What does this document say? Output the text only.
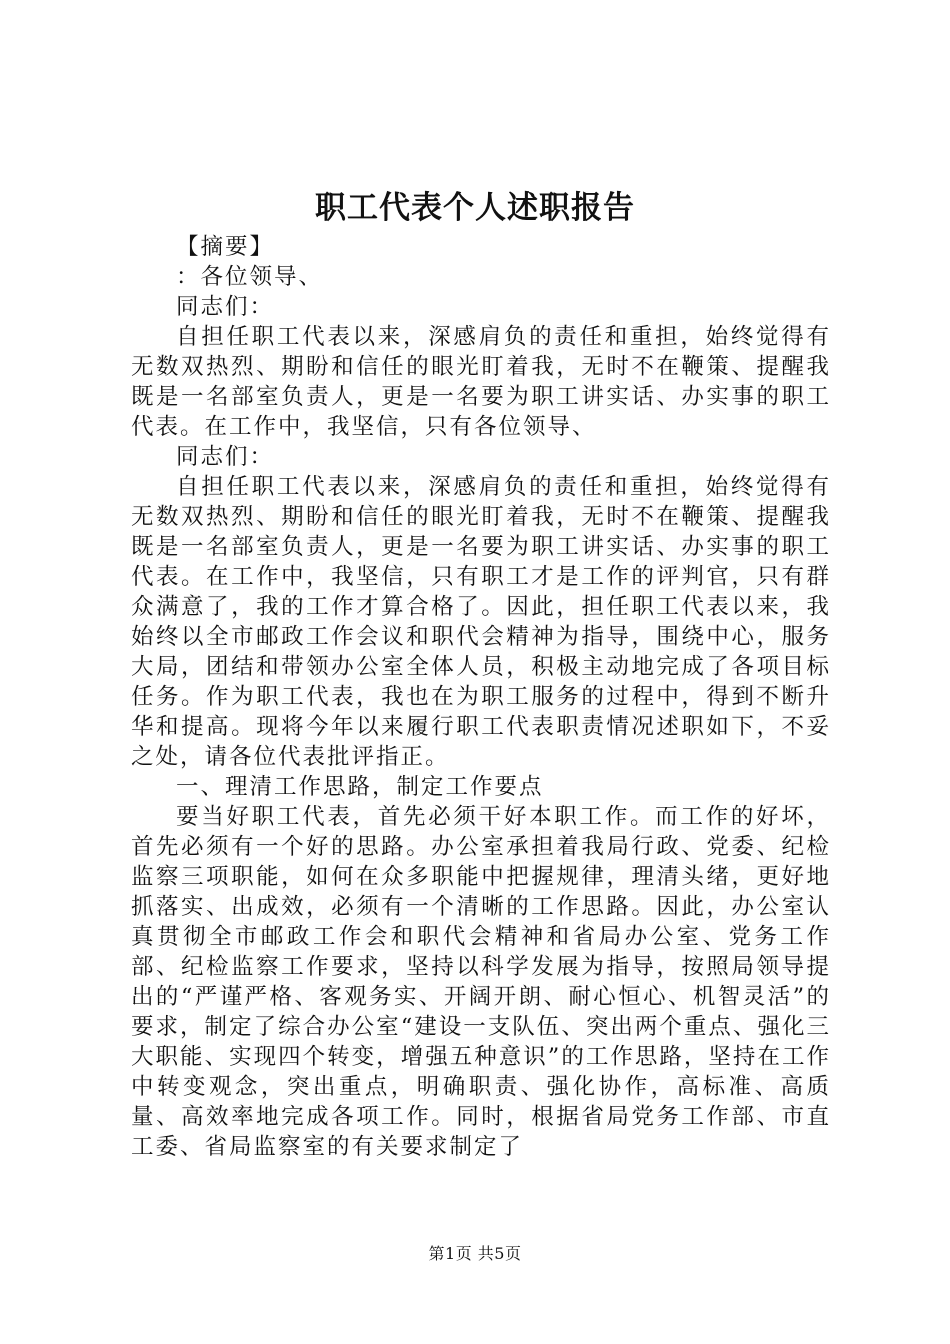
职工代表个人述职报告

【摘要】

：各位领导、

同志们：

自担任职工代表以来，深感肩负的责任和重担，始终觉得有无数双热烈、期盼和信任的眼光盯着我，无时不在鞭策、提醒我既是一名部室负责人，更是一名要为职工讲实话、办实事的职工代表。在工作中，我坚信，只有各位领导、

同志们：

自担任职工代表以来，深感肩负的责任和重担，始终觉得有无数双热烈、期盼和信任的眼光盯着我，无时不在鞭策、提醒我既是一名部室负责人，更是一名要为职工讲实话、办实事的职工代表。在工作中，我坚信，只有职工才是工作的评判官，只有群众满意了，我的工作才算合格了。因此，担任职工代表以来，我始终以全市邮政工作会议和职代会精神为指导，围绕中心，服务大局，团结和带领办公室全体人员，积极主动地完成了各项目标任务。作为职工代表，我也在为职工服务的过程中，得到不断升华和提高。现将今年以来履行职工代表职责情况述职如下，不妥之处，请各位代表批评指正。

一、理清工作思路，制定工作要点

要当好职工代表，首先必须干好本职工作。而工作的好坏，首先必须有一个好的思路。办公室承担着我局行政、党委、纪检监察三项职能，如何在众多职能中把握规律，理清头绪，更好地抓落实、出成效，必须有一个清晰的工作思路。因此，办公室认真贯彻全市邮政工作会和职代会精神和省局办公室、党务工作部、纪检监察工作要求，坚持以科学发展为指导，按照局领导提出的“严谨严格、客观务实、开阔开朗、耐心恒心、机智灵活”的要求，制定了综合办公室“建设一支队伍、突出两个重点、强化三大职能、实现四个转变，增强五种意识”的工作思路，坚持在工作中转变观念，突出重点，明确职责、强化协作，高标准、高质量、高效率地完成各项工作。同时，根据省局党务工作部、市直工委、省局监察室的有关要求制定了

第1页 共5页
